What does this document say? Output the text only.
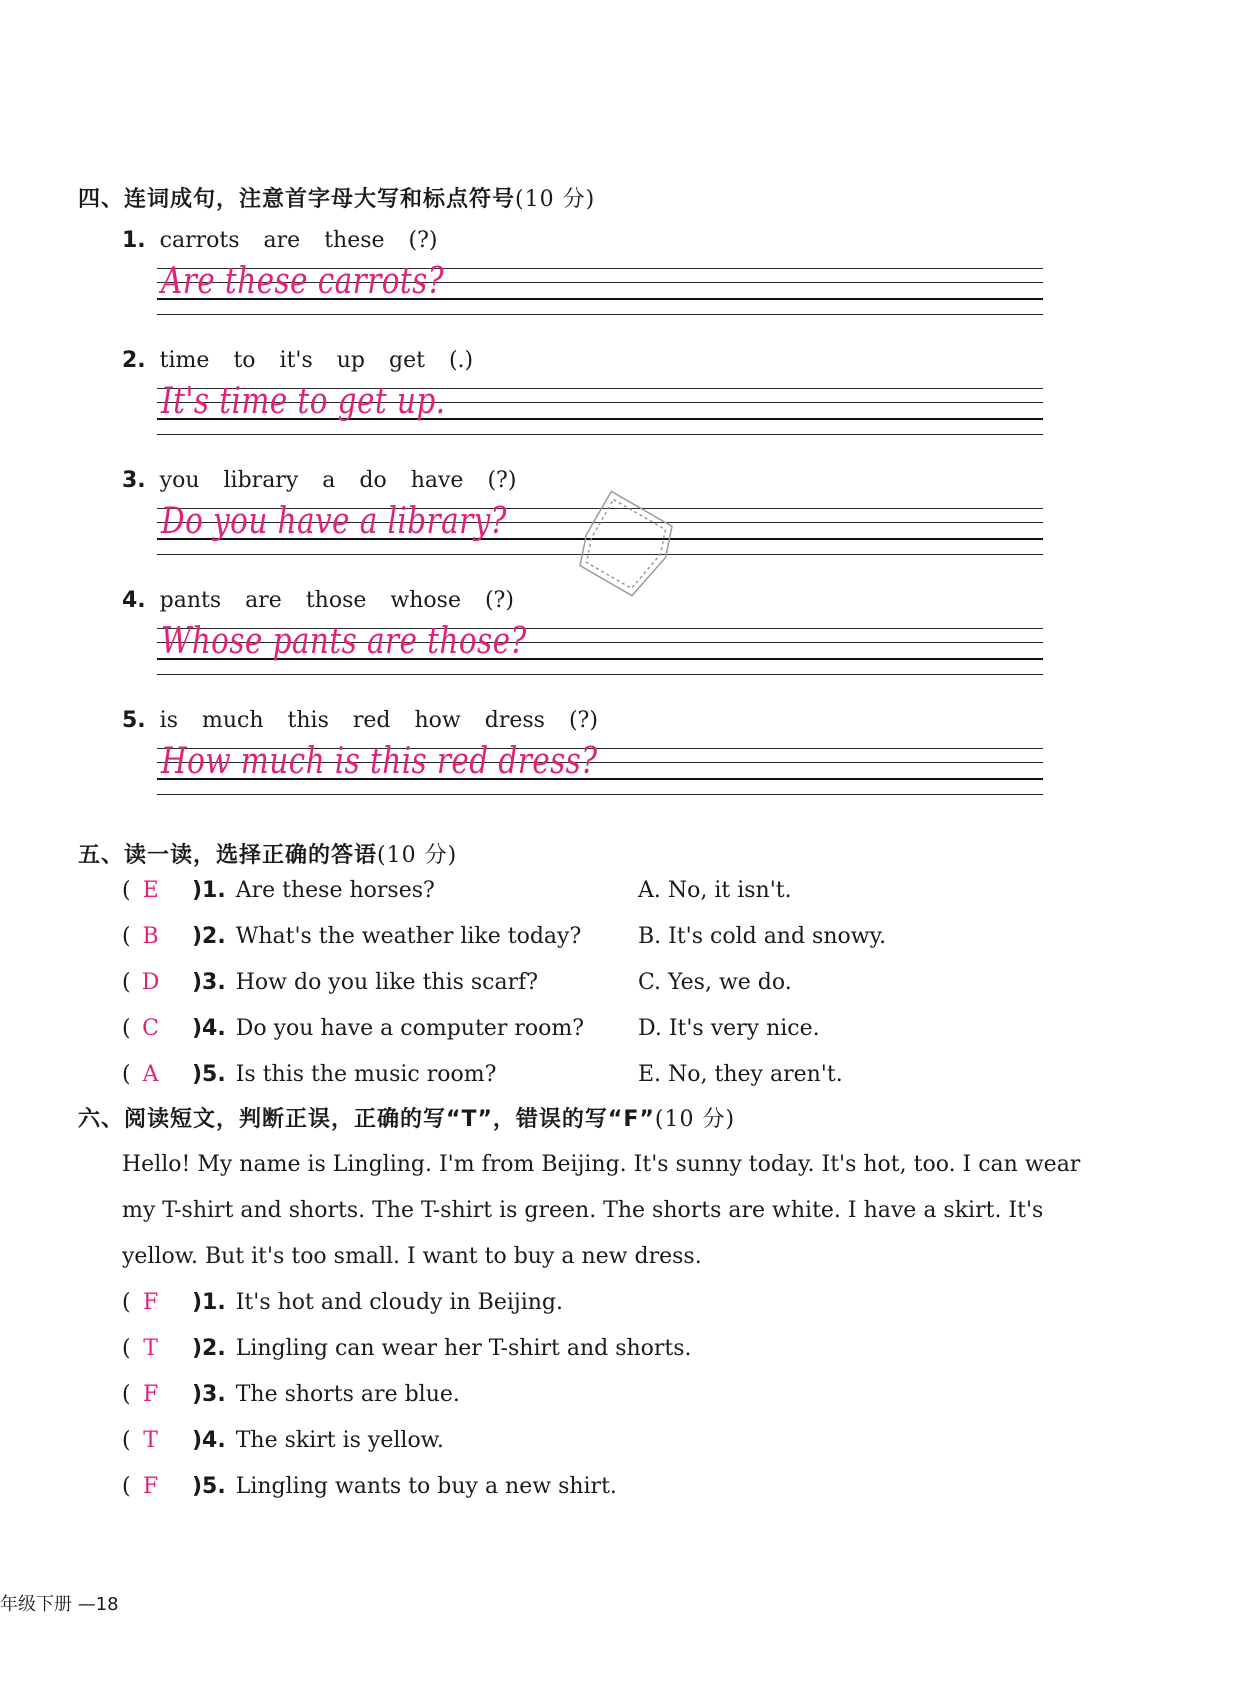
四、连词成句，注意首字母大写和标点符号(10 分)
1. carrots are these (?)
Are these carrots?
2. time to it's up get (.)
It's time to get up.
3. you library a do have (?)
Do you have a library?
4. pants are those whose (?)
Whose pants are those?
5. is much this red how dress (?)
How much is this red dress?
五、读一读，选择正确的答语(10 分)
( E )1. Are these horses?	A. No, it isn't.
( B )2. What's the weather like today?	B. It's cold and snowy.
( D )3. How do you like this scarf?	C. Yes, we do.
( C )4. Do you have a computer room? D. It's very nice.
( A )5. Is this the music room?	E. No, they aren't.
六、阅读短文，判断正误，正确的写“T”，错误的写“F”(10 分)
Hello! My name is Lingling. I'm from Beijing. It's sunny today. It's hot, too. I can wear my T-shirt and shorts. The T-shirt is green. The shorts are white. I have a skirt. It's yellow. But it's too small. I want to buy a new dress.
( F )1. It's hot and cloudy in Beijing.
( T )2. Lingling can wear her T-shirt and shorts.
( F )3. The shorts are blue.
( T )4. The skirt is yellow.
( F )5. Lingling wants to buy a new shirt.
年级下册 —18
